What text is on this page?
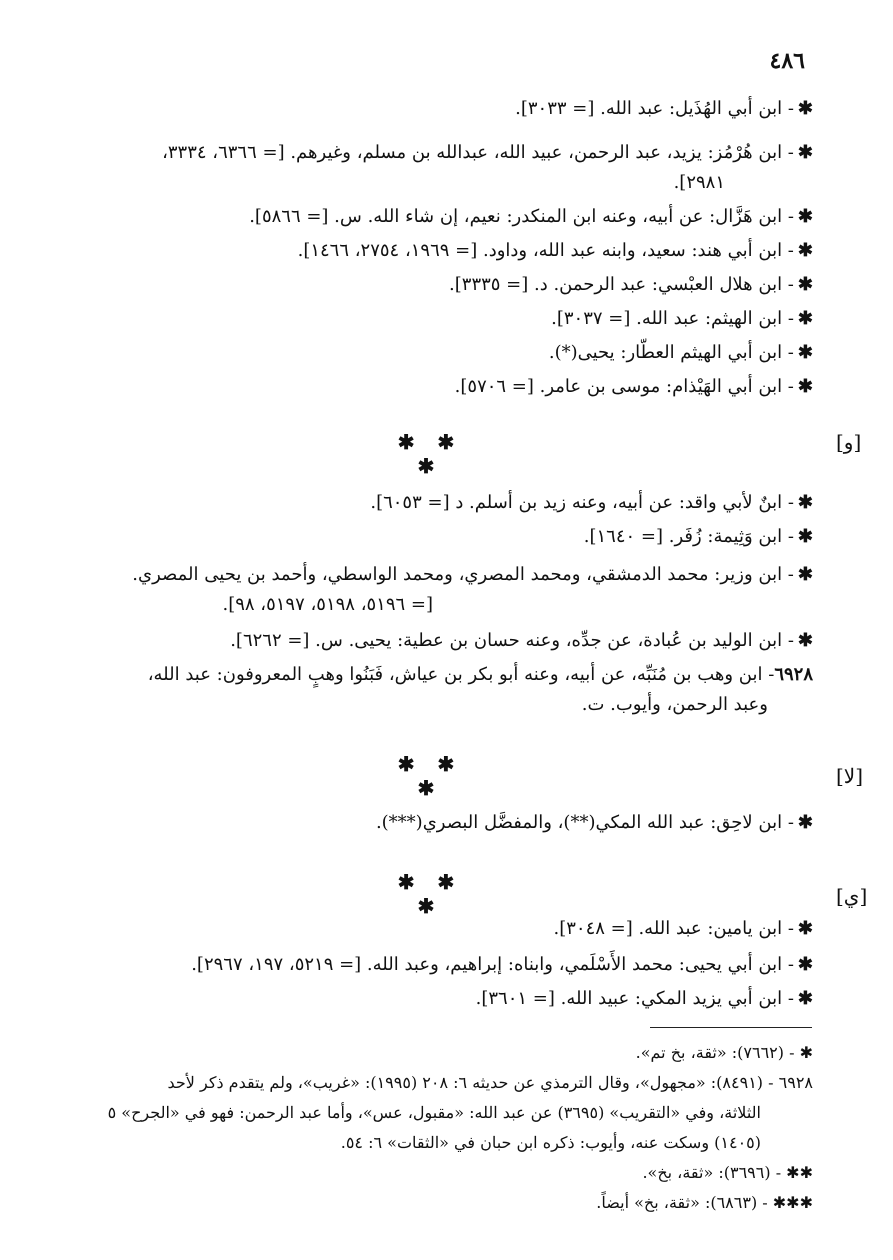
٤٨٦
✱- ابن أبي الهُذَيل: عبد الله. [= ٣٠٣٣].
✱- ابن هُرْمُز: يزيد، عبد الرحمن، عبيد الله، عبدالله بن مسلم، وغيرهم. [= ٦٣٦٦، ٣٣٣٤،
٢٩٨١].
✱- ابن هَزَّال: عن أبيه، وعنه ابن المنكدر: نعيم، إن شاء الله. س. [= ٥٨٦٦].
✱- ابن أبي هند: سعيد، وابنه عبد الله، وداود. [= ١٩٦٩، ٢٧٥٤، ١٤٦٦].
✱- ابن هلال العبْسي: عبد الرحمن. د. [= ٣٣٣٥].
✱- ابن الهيثم: عبد الله. [= ٣٠٣٧].
✱- ابن أبي الهيثم العطّار: يحيى(*).
✱- ابن أبي الهَيْذام: موسى بن عامر. [= ٥٧٠٦].
✱ ✱ ✱
[و]
✱- ابنٌ لأبي واقد: عن أبيه، وعنه زيد بن أسلم. د [= ٦٠٥٣].
✱- ابن وَثِيمة: زُفَر. [= ١٦٤٠].
✱- ابن وزير: محمد الدمشقي، ومحمد المصري، ومحمد الواسطي، وأحمد بن يحيى المصري.
[= ٥١٩٦، ٥١٩٨، ٥١٩٧، ٩٨].
✱- ابن الوليد بن عُبادة، عن جدِّه، وعنه حسان بن عطية: يحيى. س. [= ٦٢٦٢].
٦٩٢٨- ابن وهب بن مُنَبِّه، عن أبيه، وعنه أبو بكر بن عياش، فَبَنُوا وهبٍ المعروفون: عبد الله،
وعبد الرحمن، وأيوب. ت.
✱ ✱ ✱	[لا]
✱- ابن لاحِق: عبد الله المكي(**)، والمفضَّل البصري(***).
✱ ✱ ✱	[ي]
✱- ابن يامين: عبد الله. [= ٣٠٤٨].
✱- ابن أبي يحيى: محمد الأَسْلَمي، وابناه: إبراهيم، وعبد الله. [= ٥٢١٩، ١٩٧، ٢٩٦٧].
✱- ابن أبي يزيد المكي: عبيد الله. [= ٣٦٠١].
✱ - (٧٦٦٢): «ثقة، بخ تم».
٦٩٢٨ - (٨٤٩١): «مجهول»، وقال الترمذي عن حديثه ٦: ٢٠٨ (١٩٩٥): «غريب»، ولم يتقدم ذكر لأحد
الثلاثة، وفي «التقريب» (٣٦٩٥) عن عبد الله: «مقبول، عس»، وأما عبد الرحمن: فهو في «الجرح» ٥
(١٤٠٥) وسكت عنه، وأيوب: ذكره ابن حبان في «الثقات» ٦: ٥٤.
✱✱ - (٣٦٩٦): «ثقة، بخ».
✱✱✱ - (٦٨٦٣): «ثقة، بخ» أيضاً.
